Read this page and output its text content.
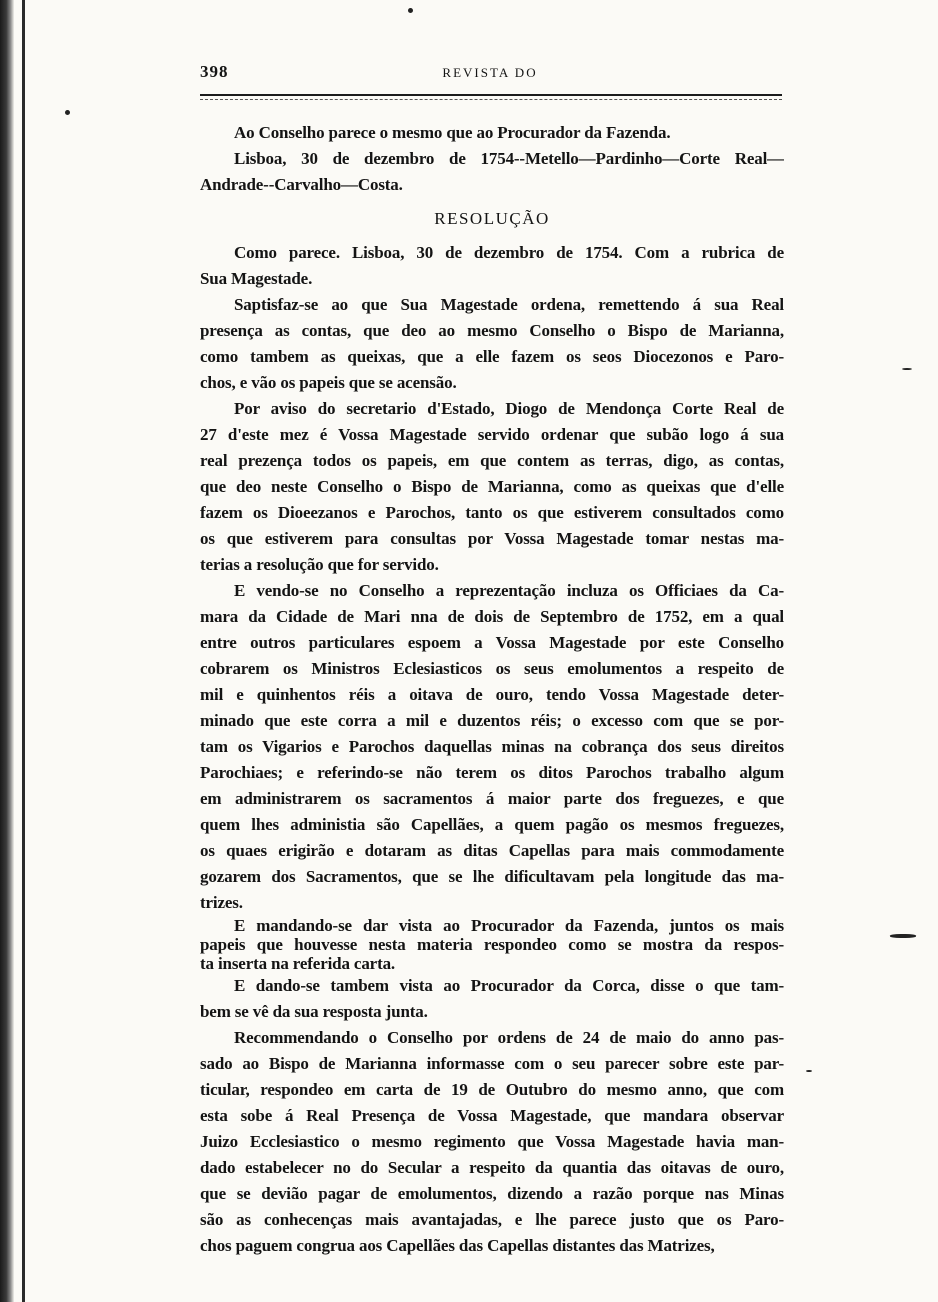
398	REVISTA DO
Ao Conselho parece o mesmo que ao Procurador da Fazenda.
Lisboa, 30 de dezembro de 1754--Metello—Pardinho—Corte Real—
Andrade--Carvalho—Costa.
RESOLUÇÃO
Como parece. Lisboa, 30 de dezembro de 1754. Com a rubrica de
Sua Magestade.
Saptisfaz-se ao que Sua Magestade ordena, remettendo á sua Real
presença as contas, que deo ao mesmo Conselho o Bispo de Marianna,
como tambem as queixas, que a elle fazem os seos Diocezonos e Paro-
chos, e vão os papeis que se acensão.
Por aviso do secretario d'Estado, Diogo de Mendonça Corte Real de
27 d'este mez é Vossa Magestade servido ordenar que subão logo á sua
real prezença todos os papeis, em que contem as terras, digo, as contas,
que deo neste Conselho o Bispo de Marianna, como as queixas que d'elle
fazem os Dioeezanos e Parochos, tanto os que estiverem consultados como
os que estiverem para consultas por Vossa Magestade tomar nestas ma-
terias a resolução que for servido.
E vendo-se no Conselho a reprezentação incluza os Officiaes da Ca-
mara da Cidade de Mari nna de dois de Septembro de 1752, em a qual
entre outros particulares espoem a Vossa Magestade por este Conselho
cobrarem os Ministros Eclesiasticos os seus emolumentos a respeito de
mil e quinhentos réis a oitava de ouro, tendo Vossa Magestade deter-
minado que este corra a mil e duzentos réis; o excesso com que se por-
tam os Vigarios e Parochos daquellas minas na cobrança dos seus direitos
Parochiaes; e referindo-se não terem os ditos Parochos trabalho algum
em administrarem os sacramentos á maior parte dos freguezes, e que
quem lhes administia são Capellães, a quem pagão os mesmos freguezes,
os quaes erigirão e dotaram as ditas Capellas para mais commodamente
gozarem dos Sacramentos, que se lhe dificultavam pela longitude das ma-
trizes.
E mandando-se dar vista ao Procurador da Fazenda, juntos os mais
papeis que houvesse nesta materia respondeo como se mostra da respos-
ta inserta na referida carta.
E dando-se tambem vista ao Procurador da Corca, disse o que tam-
bem se vê da sua resposta junta.
Recommendando o Conselho por ordens de 24 de maio do anno pas-
sado ao Bispo de Marianna informasse com o seu parecer sobre este par-
ticular, respondeo em carta de 19 de Outubro do mesmo anno, que com
esta sobe á Real Presença de Vossa Magestade, que mandara observar
Juizo Ecclesiastico o mesmo regimento que Vossa Magestade havia man-
dado estabelecer no do Secular a respeito da quantia das oitavas de ouro,
que se devião pagar de emolumentos, dizendo a razão porque nas Minas
são as conhecenças mais avantajadas, e lhe parece justo que os Paro-
chos paguem congrua aos Capellães das Capellas distantes das Matrizes,
